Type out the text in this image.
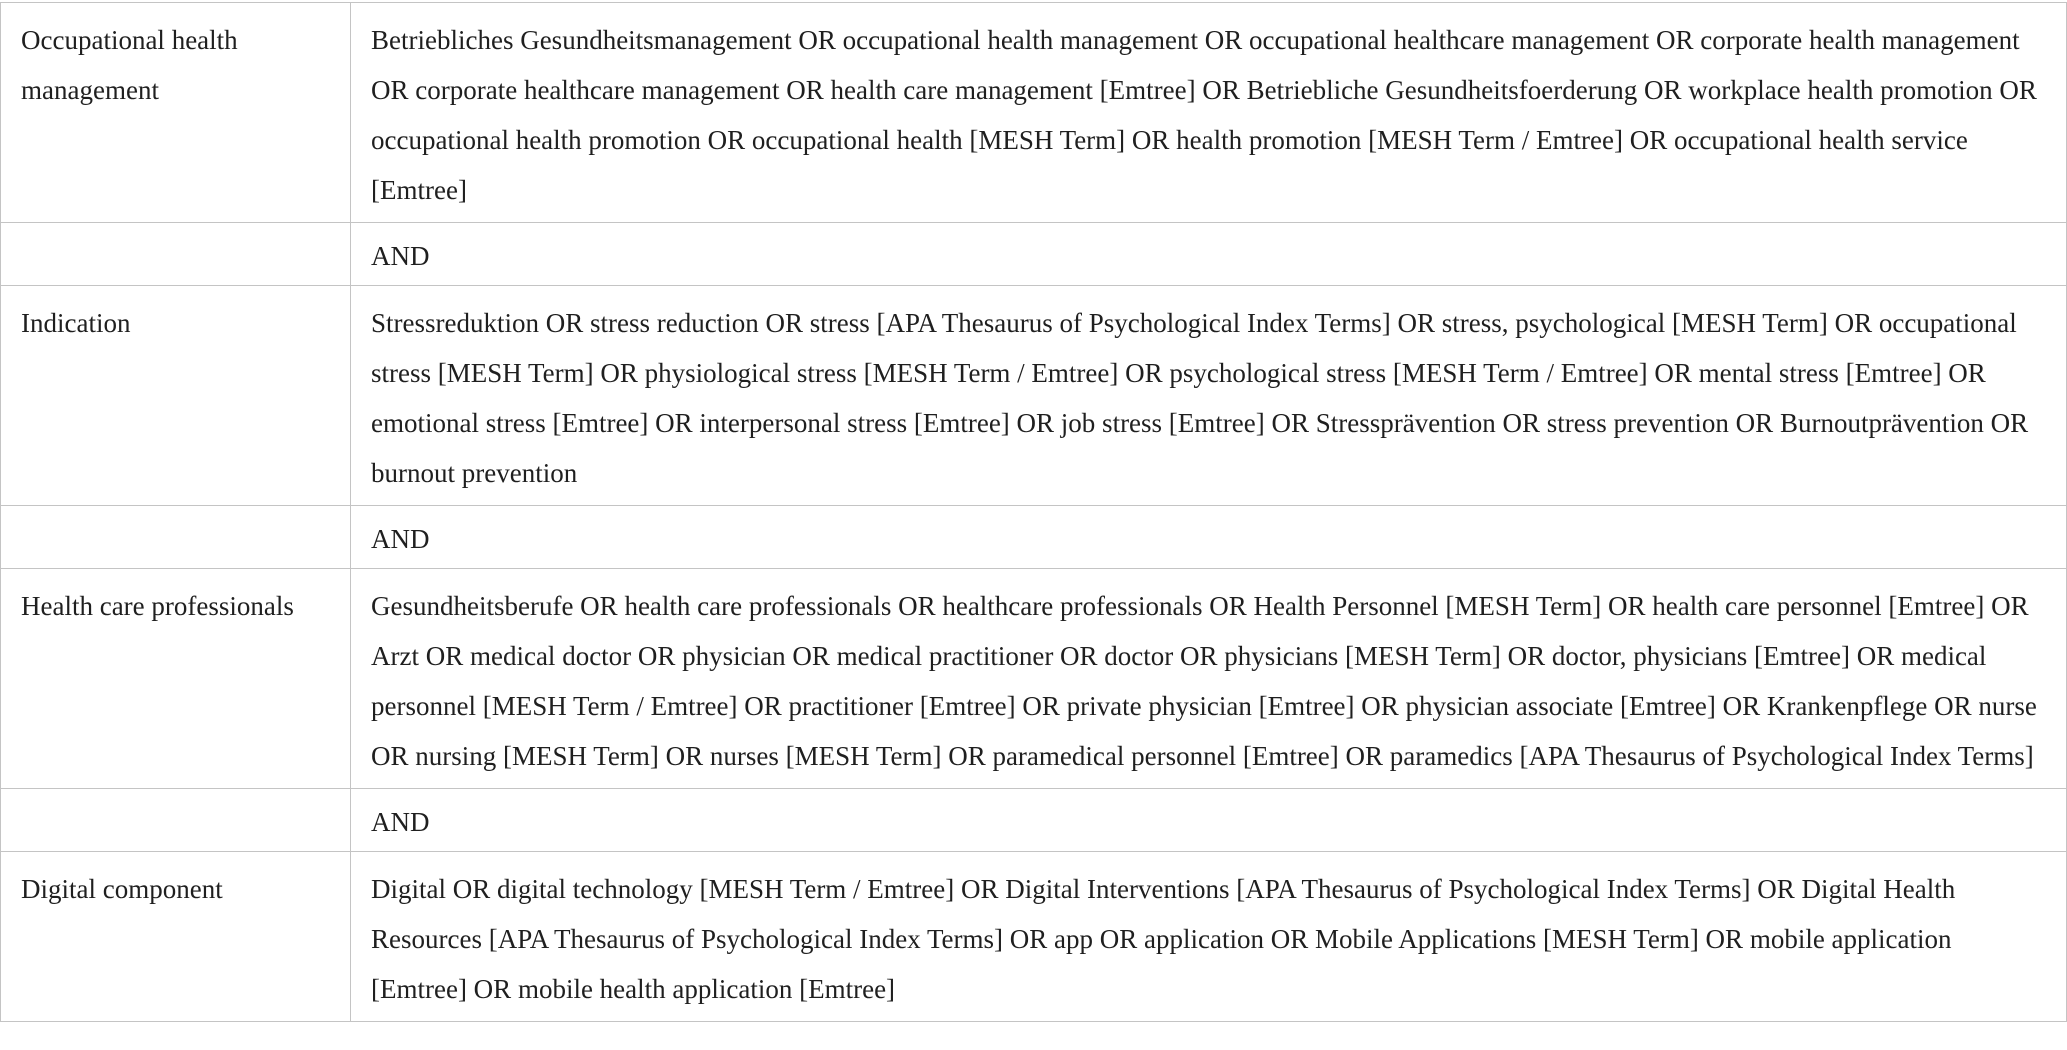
Occupational health management	Betriebliches Gesundheitsmanagement OR occupational health management OR occupational healthcare management OR corporate health management OR corporate healthcare management OR health care management [Emtree] OR Betriebliche Gesundheitsfoerderung OR workplace health promotion OR occupational health promotion OR occupational health [MESH Term] OR health promotion [MESH Term / Emtree] OR occupational health service [Emtree]
	AND
Indication	Stressreduktion OR stress reduction OR stress [APA Thesaurus of Psychological Index Terms] OR stress, psychological [MESH Term] OR occupational stress [MESH Term] OR physiological stress [MESH Term / Emtree] OR psychological stress [MESH Term / Emtree] OR mental stress [Emtree] OR emotional stress [Emtree] OR interpersonal stress [Emtree] OR job stress [Emtree] OR Stressprävention OR stress prevention OR Burnoutprävention OR burnout prevention
	AND
Health care professionals	Gesundheitsberufe OR health care professionals OR healthcare professionals OR Health Personnel [MESH Term] OR health care personnel [Emtree] OR Arzt OR medical doctor OR physician OR medical practitioner OR doctor OR physicians [MESH Term] OR doctor, physicians [Emtree] OR medical personnel [MESH Term / Emtree] OR practitioner [Emtree] OR private physician [Emtree] OR physician associate [Emtree] OR Krankenpflege OR nurse OR nursing [MESH Term] OR nurses [MESH Term] OR paramedical personnel [Emtree] OR paramedics [APA Thesaurus of Psychological Index Terms]
	AND
Digital component	Digital OR digital technology [MESH Term / Emtree] OR Digital Interventions [APA Thesaurus of Psychological Index Terms] OR Digital Health Resources [APA Thesaurus of Psychological Index Terms] OR app OR application OR Mobile Applications [MESH Term] OR mobile application [Emtree] OR mobile health application [Emtree]
